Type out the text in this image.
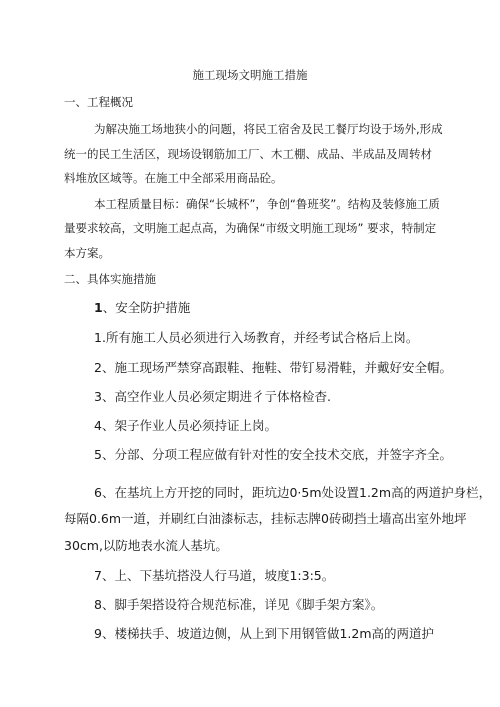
施工现场文明施工措施
一、工程概况
为解决施工场地狭小的问题，将民工宿舍及民工餐厅均设于场外,形成
统一的民工生活区，现场设钢筋加工厂、木工棚、成品、半成品及周转材
料堆放区域等。在施工中全部采用商品砼。
本工程质量目标：确保“长城杯”，争创“鲁班奖”。结构及装修施工质
量要求较高，文明施工起点高，为确保“市级文明施工现场” 要求，特制定
本方案。
二、具体实施措施
1、安全防护措施
1.所有施工人员必须进行入场教育，并经考试合格后上岗。
2、施工现场严禁穿高跟鞋、拖鞋、带钉易滑鞋，并戴好安全帽。
3、高空作业人员必须定期进彳亍体格检杳.
4、架子作业人员必须持证上岗。
5、分部、分项工程应做有针对性的安全技术交底，并签字齐全。
6、在基坑上方开挖的同时，距坑边0·5m处设置1.2m高的两道护身栏，
每隔0.6m一道，并刷红白油漆标志，挂标志牌0砖砌挡土墙高出室外地坪
30cm,以防地表水流人基坑。
7、上、下基坑搭没人行马道，坡度1:3:5。
8、脚手架搭设符合规范标准，详见《脚手架方案》。
9、楼梯扶手、坡道边侧，从上到下用钢管做1.2m高的两道护
